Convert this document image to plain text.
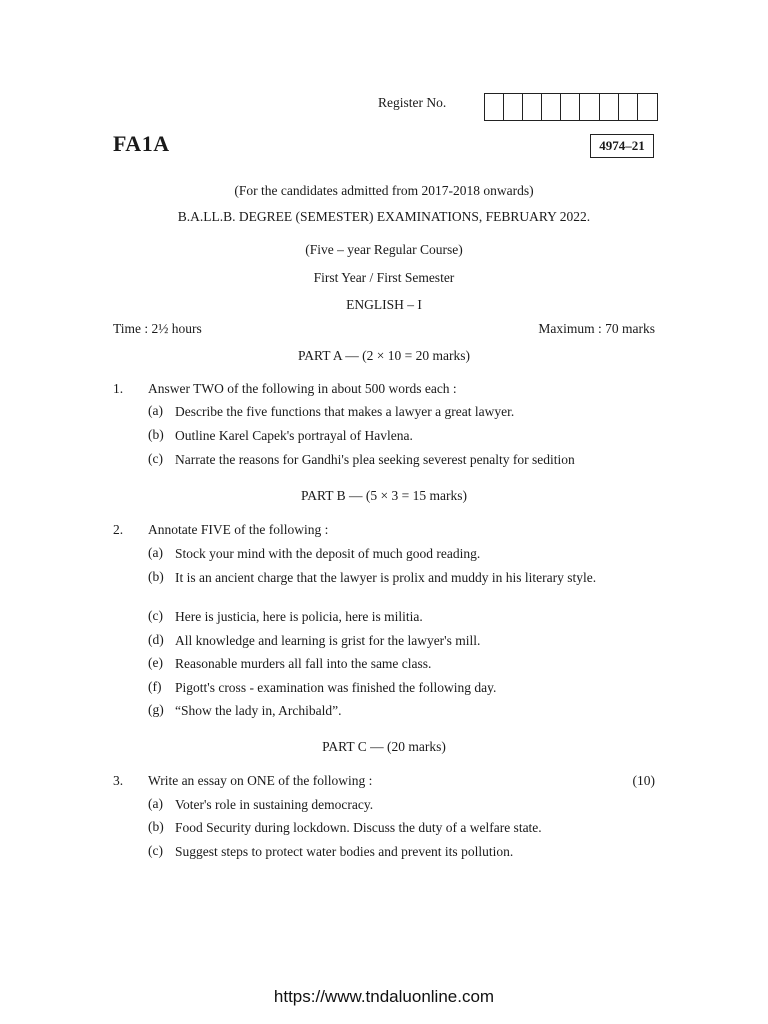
Register No.
FA1A	4974–21
(For the candidates admitted from 2017-2018 onwards)
B.A.LL.B. DEGREE (SEMESTER) EXAMINATIONS, FEBRUARY 2022.
(Five – year Regular Course)
First Year / First Semester
ENGLISH – I
Time : 2½ hours	Maximum : 70 marks
PART A — (2 × 10 = 20 marks)
1. Answer TWO of the following in about 500 words each :
(a) Describe the five functions that makes a lawyer a great lawyer.
(b) Outline Karel Capek's portrayal of Havlena.
(c) Narrate the reasons for Gandhi's plea seeking severest penalty for sedition
PART B — (5 × 3 = 15 marks)
2. Annotate FIVE of the following :
(a) Stock your mind with the deposit of much good reading.
(b) It is an ancient charge that the lawyer is prolix and muddy in his literary style.
(c) Here is justicia, here is policia, here is militia.
(d) All knowledge and learning is grist for the lawyer's mill.
(e) Reasonable murders all fall into the same class.
(f)	Pigott's cross - examination was finished the following day.
(g) “Show the lady in, Archibald”.
PART C — (20 marks)
3. Write an essay on ONE of the following :	(10)
(a) Voter's role in sustaining democracy.
(b) Food Security during lockdown. Discuss the duty of a welfare state.
(c) Suggest steps to protect water bodies and prevent its pollution.
https://www.tndaluonline.com
